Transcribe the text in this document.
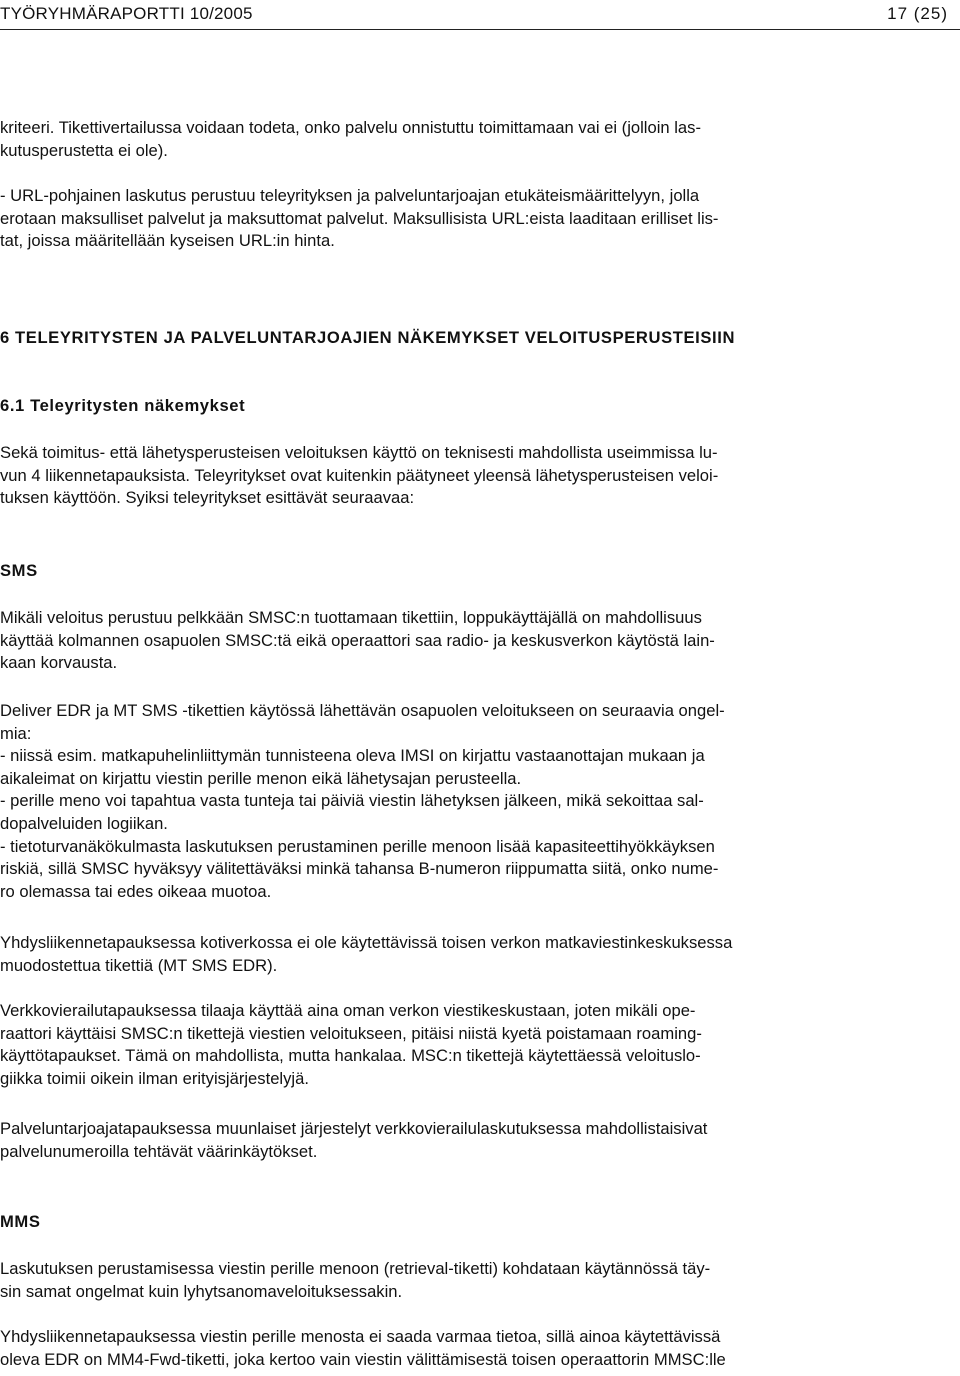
TYÖRYHMÄRAPORTTI 10/2005	17 (25)
kriteeri. Tikettivertailussa voidaan todeta, onko palvelu onnistuttu toimittamaan vai ei (jolloin las-
kutusperustetta ei ole).
- URL-pohjainen laskutus perustuu teleyrityksen ja palveluntarjoajan etukäteismäärittelyyn, jolla
erotaan maksulliset palvelut ja maksuttomat palvelut. Maksullisista URL:eista laaditaan erilliset lis-
tat, joissa määritellään kyseisen URL:in hinta.
6 TELEYRITYSTEN JA PALVELUNTARJOAJIEN NÄKEMYKSET VELOITUSPERUSTEISIIN
6.1 Teleyritysten näkemykset
Sekä toimitus- että lähetysperusteisen veloituksen käyttö on teknisesti mahdollista useimmissa lu-
vun 4 liikennetapauksista. Teleyritykset ovat kuitenkin päätyneet yleensä lähetysperusteisen veloi-
tuksen käyttöön. Syiksi teleyritykset esittävät seuraavaa:
SMS
Mikäli veloitus perustuu pelkkään SMSC:n tuottamaan tikettiin, loppukäyttäjällä on mahdollisuus
käyttää kolmannen osapuolen SMSC:tä eikä operaattori saa radio- ja keskusverkon käytöstä lain-
kaan korvausta.
Deliver EDR ja MT SMS -tikettien käytössä lähettävän osapuolen veloitukseen on seuraavia ongel-
mia:
- niissä esim. matkapuhelinliittymän tunnisteena oleva IMSI on kirjattu vastaanottajan mukaan ja
aikaleimat on kirjattu viestin perille menon eikä lähetysajan perusteella.
- perille meno voi tapahtua vasta tunteja tai päiviä viestin lähetyksen jälkeen, mikä sekoittaa sal-
dopalveluiden logiikan.
- tietoturvanäkökulmasta laskutuksen perustaminen perille menoon lisää kapasiteettihyökkäyksen
riskiä, sillä SMSC hyväksyy välitettäväksi minkä tahansa B-numeron riippumatta siitä, onko nume-
ro olemassa tai edes oikeaa muotoa.
Yhdysliikennetapauksessa kotiverkossa ei ole käytettävissä toisen verkon matkaviestinkeskuksessa
muodostettua tikettiä (MT SMS EDR).
Verkkovierailutapauksessa tilaaja käyttää aina oman verkon viestikeskustaan, joten mikäli ope-
raattori käyttäisi SMSC:n tikettejä viestien veloitukseen, pitäisi niistä kyetä poistamaan roaming-
käyttötapaukset. Tämä on mahdollista, mutta hankalaa. MSC:n tikettejä käytettäessä veloituslo-
giikka toimii oikein ilman erityisjärjestelyjä.
Palveluntarjoajatapauksessa muunlaiset järjestelyt verkkovierailulaskutuksessa mahdollistaisivat
palvelunumeroilla tehtävät väärinkäytökset.
MMS
Laskutuksen perustamisessa viestin perille menoon (retrieval-tiketti) kohdataan käytännössä täy-
sin samat ongelmat kuin lyhytsanomaveloituksessakin.
Yhdysliikennetapauksessa viestin perille menosta ei saada varmaa tietoa, sillä ainoa käytettävissä
oleva EDR on MM4-Fwd-tiketti, joka kertoo vain viestin välittämisestä toisen operaattorin MMSC:lle
